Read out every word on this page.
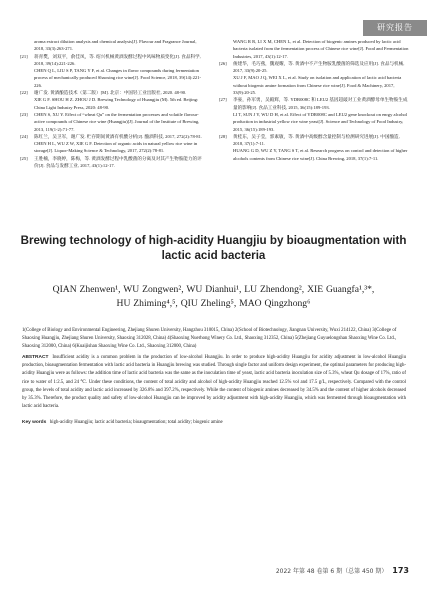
研究报告
aroma extract dilution analysis and chemical analysis[J]. Flavour and Fragrance Journal, 2018, 33(3):263-271.
[21] 蒋青樊，刘双平，俞佳凤，等. 绍兴机械黄酒发酵过程中风味物质变化[J]. 食品科学, 2018, 39(14):221-226.
CHEN Q L, LIU S P, TANG Y F, et al. Changes in flavor compounds during fermentation process of mechanically produced Shaoxing rice wine[J]. Food Science, 2018, 39(14):221-226.
[22] 谢广发. 黄酒酿造技术（第二版）[M]. 北京：中国轻工业出版社, 2020. 48-90.
XIE G F. SHOU H Z. ZHOU J D. Brewing Technology of Huangjiu (M). 5th ed. Beijing: China Light Industry Press, 2020: 48-90.
[23] CHEN S, XU Y. Effect of “wheat Qu” on the fermentation processes and volatile flavour-active compounds of Chinese rice wine (Huangjiu)[J]. Journal of the Institute of Brewing, 2013, 119(1-2):71-77.
[24] 陈红兰，吴卫军，谢广发. 贮存期间黄酒有机酸分析[J]. 酿酒科技, 2017, 272(2):78-81.
CHEN H L, WU Z W, XIE G F. Detection of organic acids in natural yellow rice wine in storage[J]. Liquor-Making Science & Technology, 2017, 272(2):78-81.
[25] 王胜楠，李晓婷，陈梅，等. 黄酒发酵过程中乳酸菌的分离及对其产生物胺能力的评价[J]. 食品与发酵工业, 2017, 43(1):12-17.
WANG R R, LI X M, CHEN L, et al. Detection of biogenic amines produced by lactic acid bacteria isolated from the fermentation process of Chinese rice wine[J]. Food and Fermentation Industries, 2017, 43(1):12-17.
[26] 俊建华，毛巧燕，魏观耀，等. 黄酒中不产生物胺乳酸菌的筛选及应用[J]. 食品与机械, 2017, 33(9):20-25.
XU J F, MAO J Q, WEI X L, et al. Study on isolation and application of lactic acid bacteria without biogenic amine formation from Chinese rice wine[J]. Food & Machinery, 2017, 33(9):20-25.
[27] 李豪，孙军勇，吴殿辉，等. YDR008C 和 LEU2 基因超敲对工业黄酒酵母单生物胺生成量的影响[J]. 食品工业科技, 2015, 36(15):189-193.
LI T, SUN J Y, WU D H, et al. Effect of YDR008C and LEU2 gene knockout on enrgy alcohol production in industrial yellow rice wine yeast[J]. Science and Technology of Food Industry, 2015, 36(15):189-193.
[28] 黄桂东，吴子莹，郭素敏，等. 黄酒中高级醇含量控制与检测研究进展[J]. 中国酿造, 2018, 37(1):7-11.
HUANG G D, WU Z Y, TANG S T, et al. Research progress on control and detection of higher alcohols contents from Chinese rice wine[J]. China Brewing, 2018, 37(1):7-11.
Brewing technology of high-acidity Huangjiu by bioaugmentation with lactic acid bacteria
QIAN Zhenwen¹, WU Zongwen², WU Dianhui¹, LU Zhendong², XIE Guangfa¹,³*,
HU Zhiming⁴,⁵, QIU Zheling⁵, MAO Qingzhong⁶
1(College of Biology and Environmental Engineering, Zhejiang Shuren University, Hangzhou 310015, China) 2(School of Biotechnology, Jiangnan University, Wuxi 214122, China) 3(College of Shaoxing Huangjiu, Zhejiang Shuren University, Shaoxing 312028, China) 4(Shaoxing Nuerhong Winery Co. Ltd., Shaoxing 312352, China) 5(Zhejiang Guyuelongshan Shaoxing Wine Co. Ltd., Shaoxing 312000, China) 6(Kuaijishan Shaoxing Wine Co. Ltd., Shaoxing 312000, China)
ABSTRACT Insufficient acidity is a common problem in the production of low-alcohol Huangjiu. In order to produce high-acidity Huangjiu for acidity adjustment in low-alcohol Huangjiu production, bioaugmentation fermentation with lactic acid bacteria in Huangjiu brewing was studied. Through single factor and uniform design experiment, the optimal parameters for producing high-acidity Huangjiu were as follows: the addition time of lactic acid bacteria was the same as the inoculation time of yeast, lactic acid bacteria inoculation size of 5.3%, wheat Qu dosage of 17%, ratio of rice to water of 1:2.5, and 24 ℃. Under these conditions, the content of total acidity and alcohol of high-acidity Huangjiu reached 12.5% vol and 17.5 g/L, respectively. Compared with the control group, the levels of total acidity and lactic acid increased by 326.8% and 397.2%, respectively. While the content of biogenic amines decreased by 34.5% and the content of higher alcohols decreased by 35.3%. Therefore, the product quality and safety of low-alcohol Huangjiu can be improved by acidity adjustment with high-acidity Huangjiu, which was fermented through bioaugmentation with lactic acid bacteria.
Key words high-acidity Huangjiu; lactic acid bacteria; bioaugmentation; total acidity; biogenic amine
2022 年第 48 卷第 6 期（总第 450 期） 173
